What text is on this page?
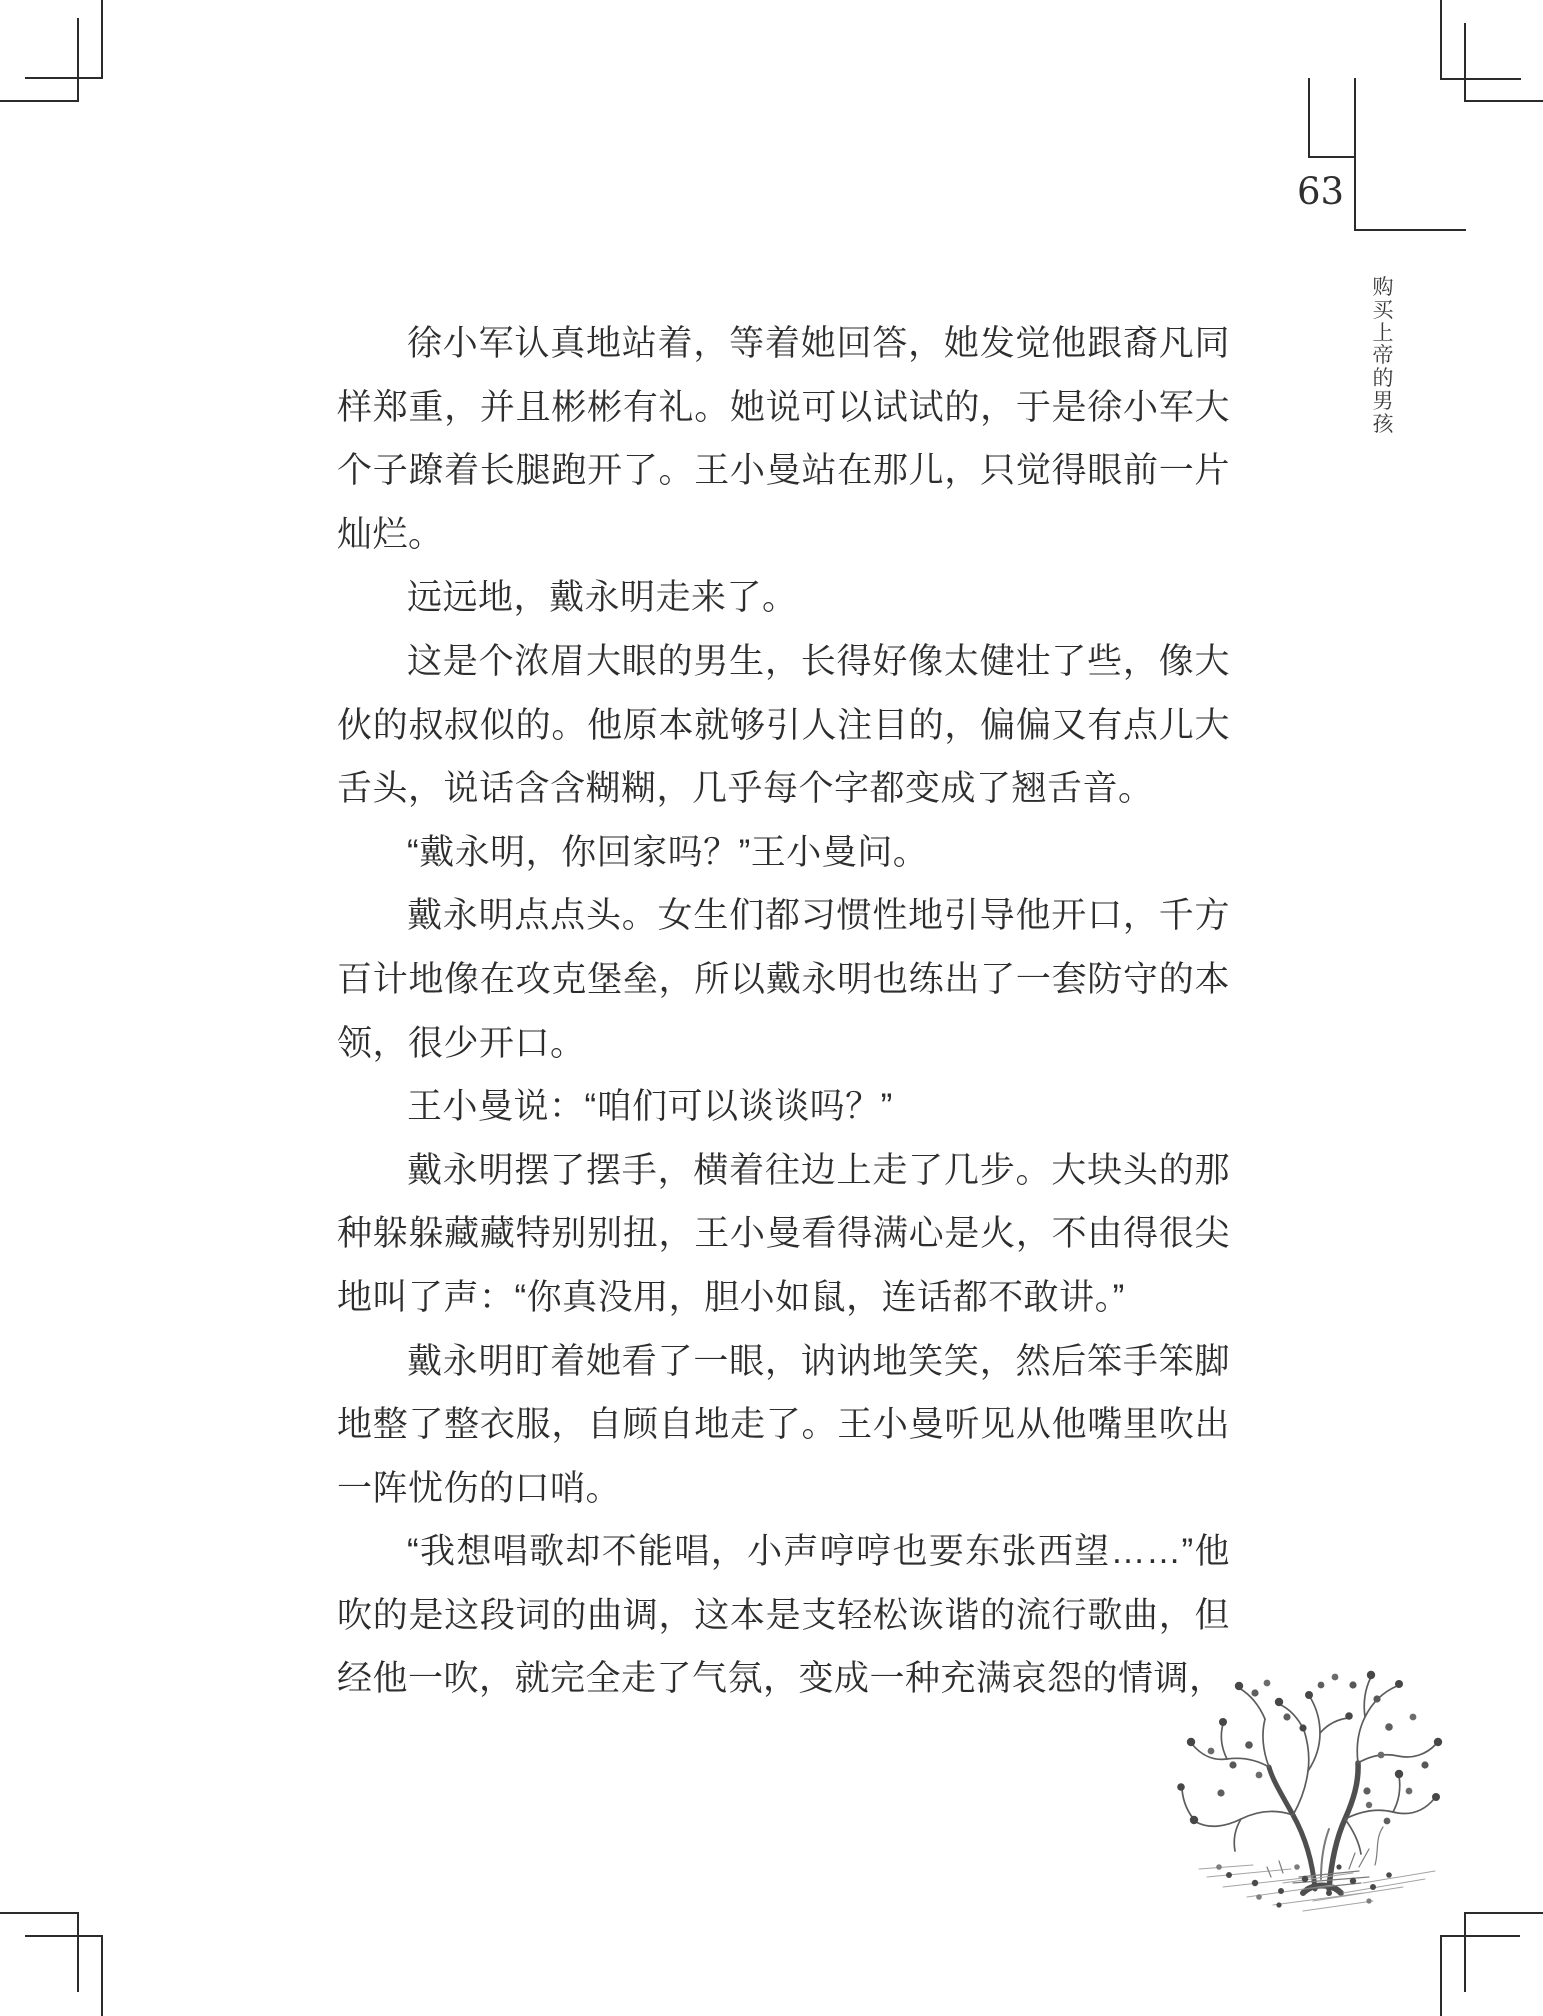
63
购买上帝的男孩

徐小军认真地站着，等着她回答，她发觉他跟裔凡同样郑重，并且彬彬有礼。她说可以试试的，于是徐小军大个子蹽着长腿跑开了。王小曼站在那儿，只觉得眼前一片灿烂。

远远地，戴永明走来了。

这是个浓眉大眼的男生，长得好像太健壮了些，像大伙的叔叔似的。他原本就够引人注目的，偏偏又有点儿大舌头，说话含含糊糊，几乎每个字都变成了翘舌音。

“戴永明，你回家吗？”王小曼问。

戴永明点点头。女生们都习惯性地引导他开口，千方百计地像在攻克堡垒，所以戴永明也练出了一套防守的本领，很少开口。

王小曼说：“咱们可以谈谈吗？”

戴永明摆了摆手，横着往边上走了几步。大块头的那种躲躲藏藏特别别扭，王小曼看得满心是火，不由得很尖地叫了声：“你真没用，胆小如鼠，连话都不敢讲。”

戴永明盯着她看了一眼，讷讷地笑笑，然后笨手笨脚地整了整衣服，自顾自地走了。王小曼听见从他嘴里吹出一阵忧伤的口哨。

“我想唱歌却不能唱，小声哼哼也要东张西望……”他吹的是这段词的曲调，这本是支轻松诙谐的流行歌曲，但经他一吹，就完全走了气氛，变成一种充满哀怨的情调，
